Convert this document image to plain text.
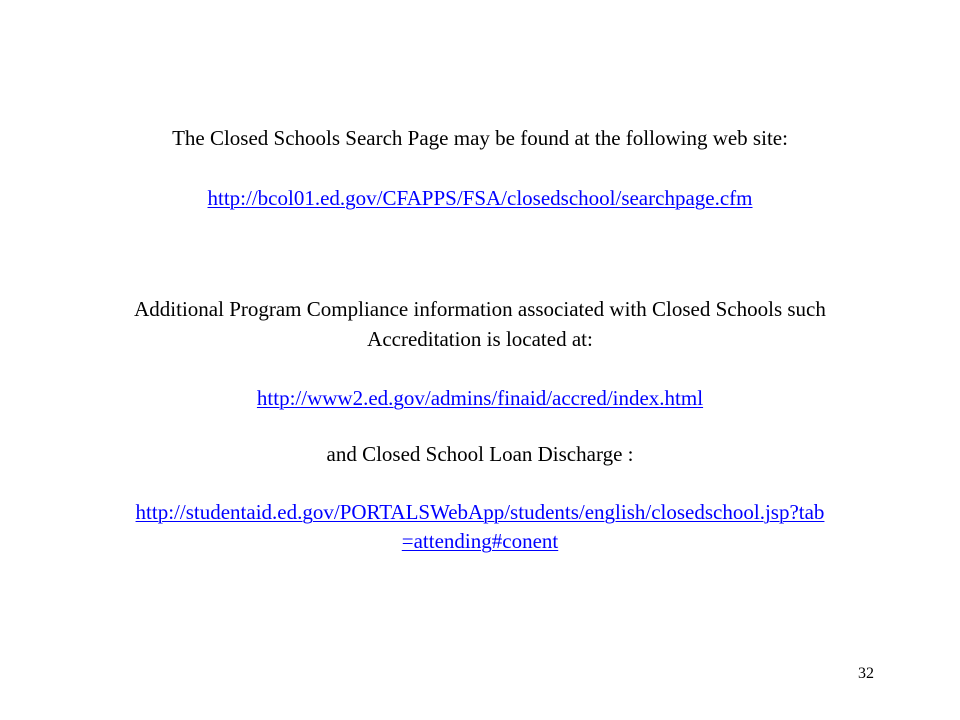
The Closed Schools Search Page may be found at the following web site:
http://bcol01.ed.gov/CFAPPS/FSA/closedschool/searchpage.cfm
Additional Program Compliance information associated with Closed Schools such
Accreditation is located at:
http://www2.ed.gov/admins/finaid/accred/index.html
and Closed School Loan Discharge :
http://studentaid.ed.gov/PORTALSWebApp/students/english/closedschool.jsp?tab
=attending#conent
32
